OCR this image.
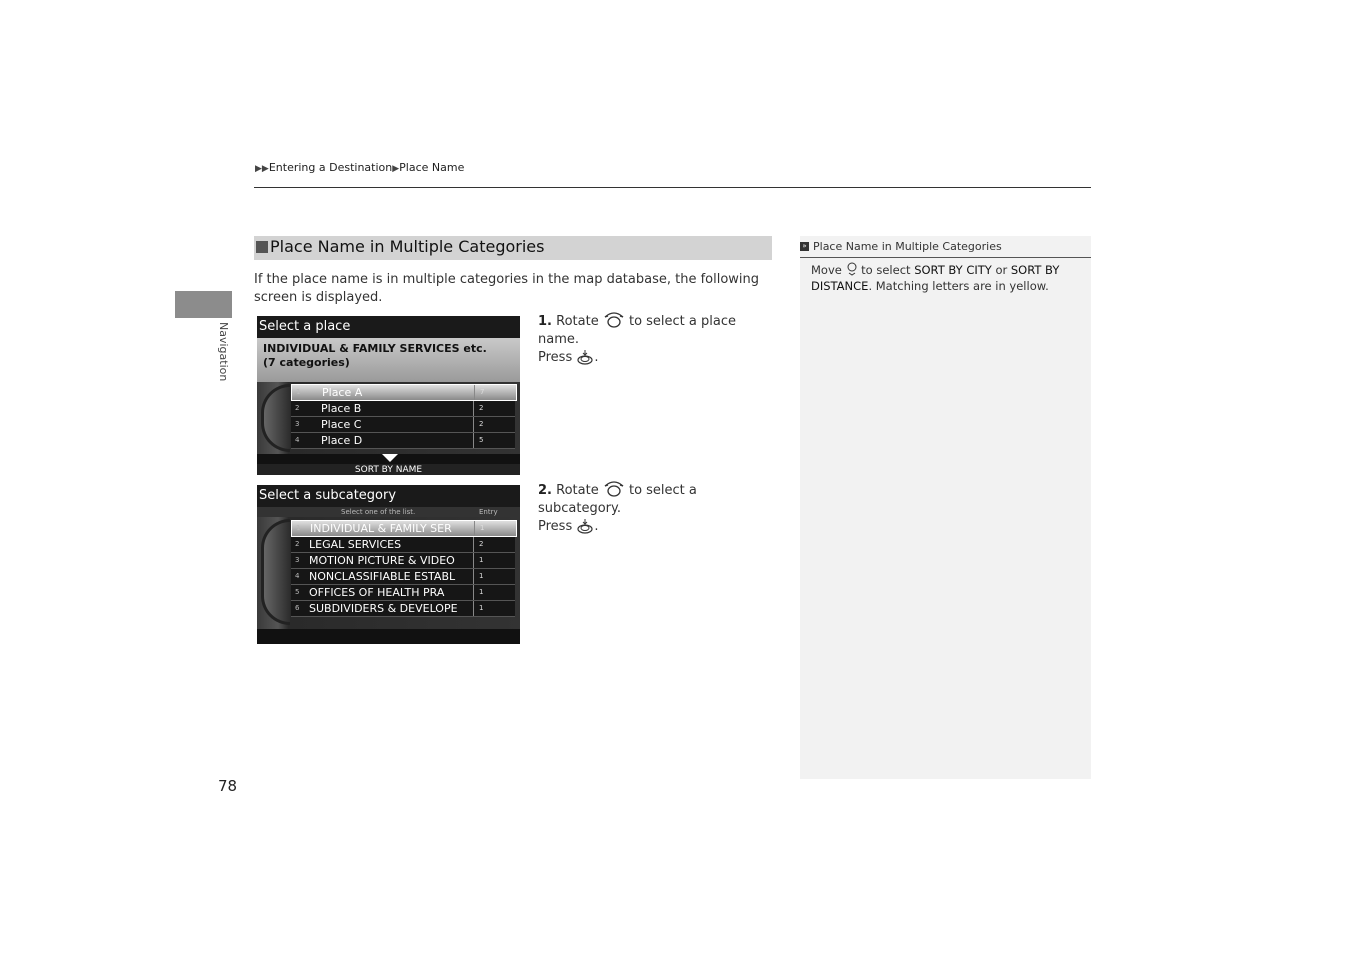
▶▶Entering a Destination▶Place Name
Navigation
78
Place Name in Multiple Categories
If the place name is in multiple categories in the map database, the following screen is displayed.
Select a place
INDIVIDUAL & FAMILY SERVICES etc.
(7 categories)
1 Place A	7
2 Place B	2
3 Place C	2
4 Place D	5
SORT BY NAME
1. Rotate to select a place name.
Press .
Select a subcategory
Select one of the list.	Entry
1 INDIVIDUAL & FAMILY SER	1
2 LEGAL SERVICES	2
3 MOTION PICTURE & VIDEO	1
4 NONCLASSIFIABLE ESTABL	1
5 OFFICES OF HEALTH PRA	1
6 SUBDIVIDERS & DEVELOPE	1
2. Rotate to select a subcategory.
Press .
» Place Name in Multiple Categories
Move to select SORT BY CITY or SORT BY DISTANCE. Matching letters are in yellow.
